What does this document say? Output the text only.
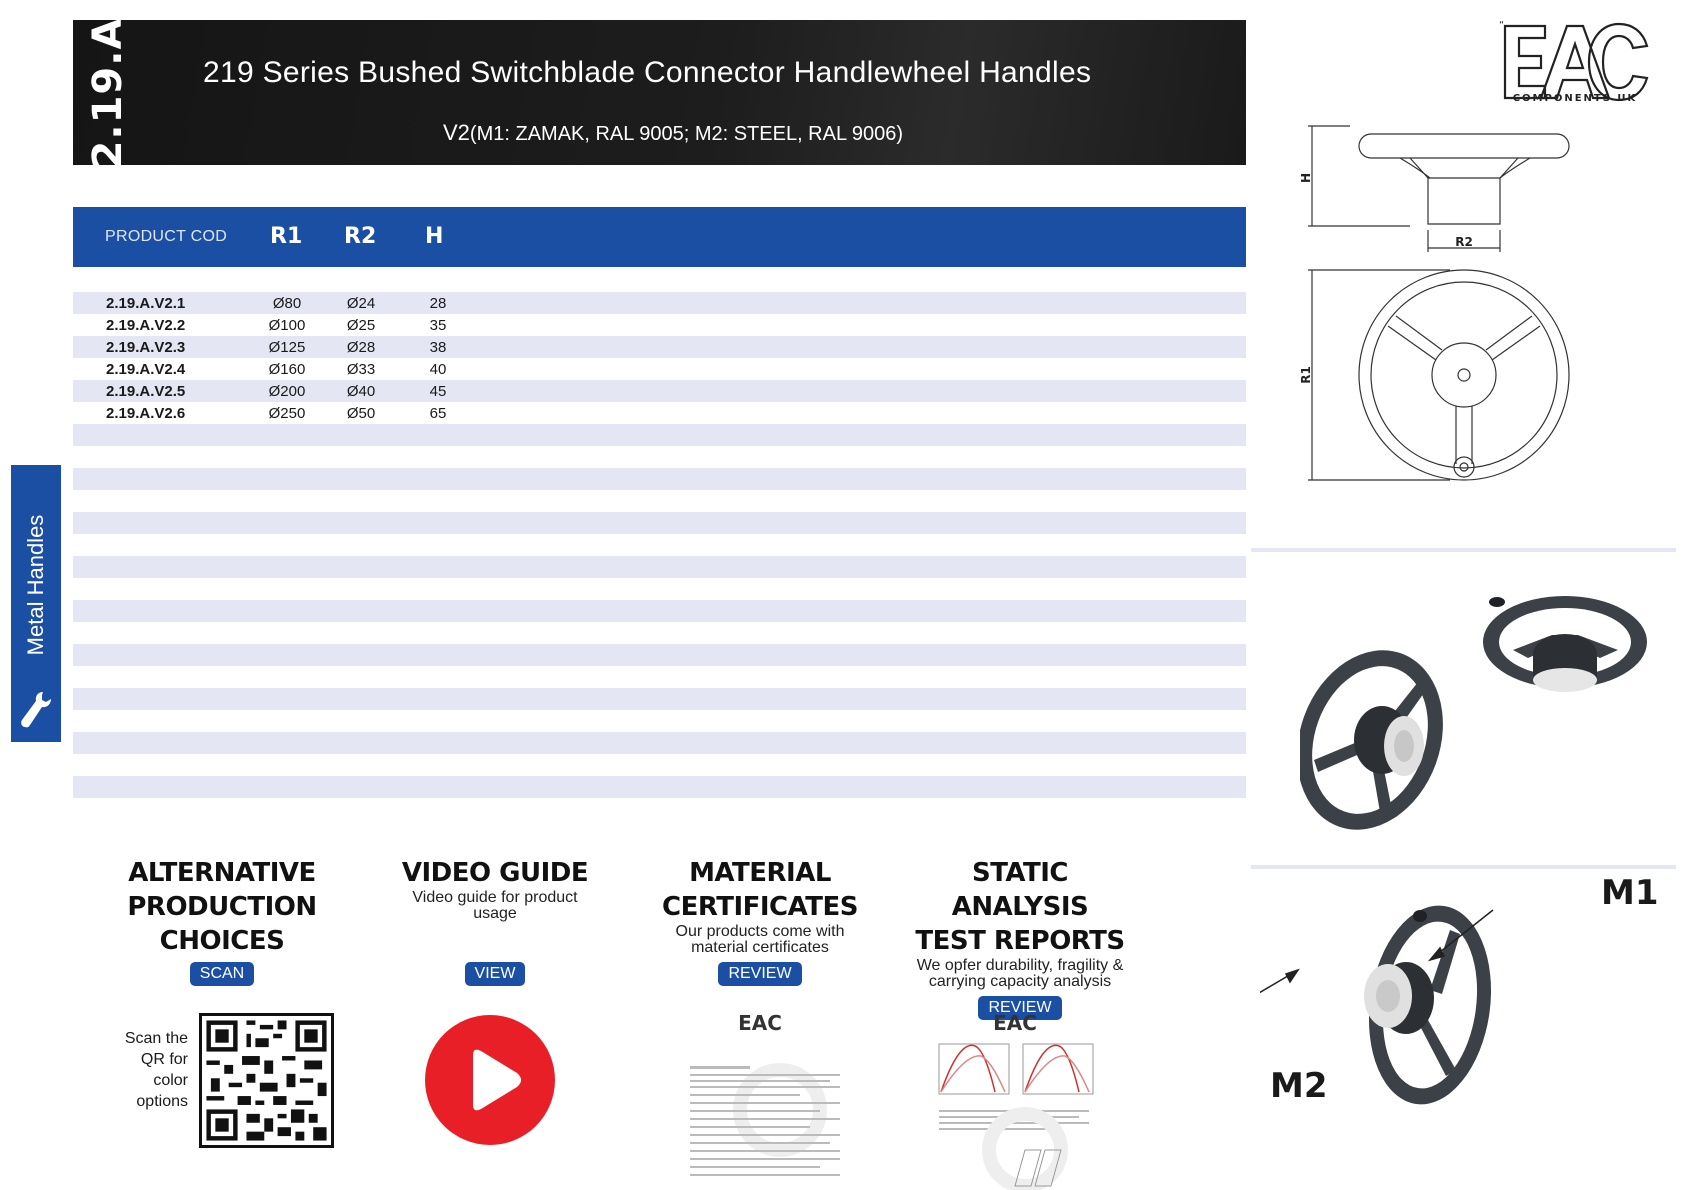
2.19.A 219 Series Bushed Switchblade Connector Handlewheel Handles
V2(M1: ZAMAK, RAL 9005; M2: STEEL, RAL 9006)
“
COMPONENTS UK
PRODUCT COD R1 R2 H
2.19.A.V2.1	Ø80	Ø24	28
2.19.A.V2.2	Ø100	Ø25	35
2.19.A.V2.3	Ø125	Ø28	38
2.19.A.V2.4	Ø160	Ø33	40
2.19.A.V2.5	Ø200	Ø40	45
2.19.A.V2.6	Ø250	Ø50	65
Metal Handles
H
R2
R1
M1
M2
ALTERNATIVE
PRODUCTION
CHOICES
SCAN
Scan the QR for color options
VIDEO GUIDE
Video guide for product usage
VIEW
MATERIAL
CERTIFICATES
Our products come with material certificates
REVIEW
EAC
STATIC ANALYSIS
TEST REPORTS
We opfer durability, fragility & carrying capacity analysis
REVIEW
EAC
